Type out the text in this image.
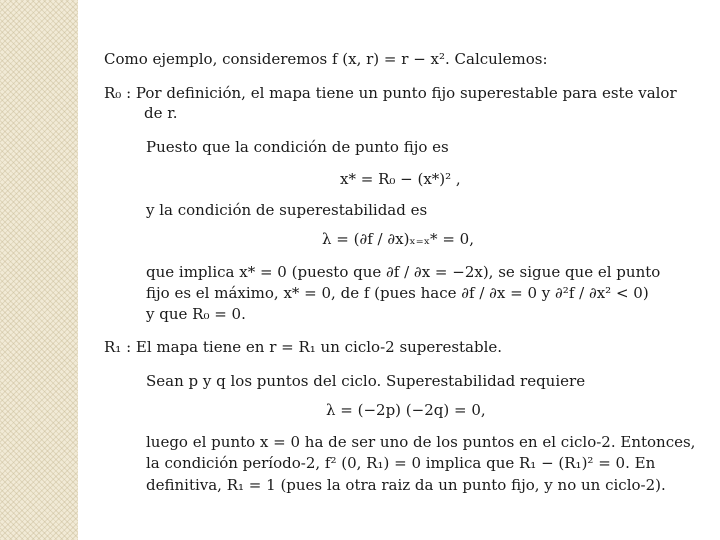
Como ejemplo, consideremos f (x, r) = r − x². Calculemos:
R₀ : Por definición, el mapa tiene un punto fijo superestable para este valor
de r.
Puesto que la condición de punto fijo es
x* = R₀ − (x*)² ,
y la condición de superestabilidad es
λ = (∂f / ∂x)ₓ₌ₓ* = 0,
que implica x* = 0 (puesto que ∂f / ∂x = −2x), se sigue que el punto
fijo es el máximo, x* = 0, de f (pues hace ∂f / ∂x = 0 y ∂²f / ∂x² < 0)
y que R₀ = 0.
R₁ : El mapa tiene en r = R₁ un ciclo-2 superestable.
Sean p y q los puntos del ciclo. Superestabilidad requiere
λ = (−2p) (−2q) = 0,
luego el punto x = 0 ha de ser uno de los puntos en el ciclo-2. Entonces,
la condición período-2, f² (0, R₁) = 0 implica que R₁ − (R₁)² = 0. En
definitiva, R₁ = 1 (pues la otra raiz da un punto fijo, y no un ciclo-2).
